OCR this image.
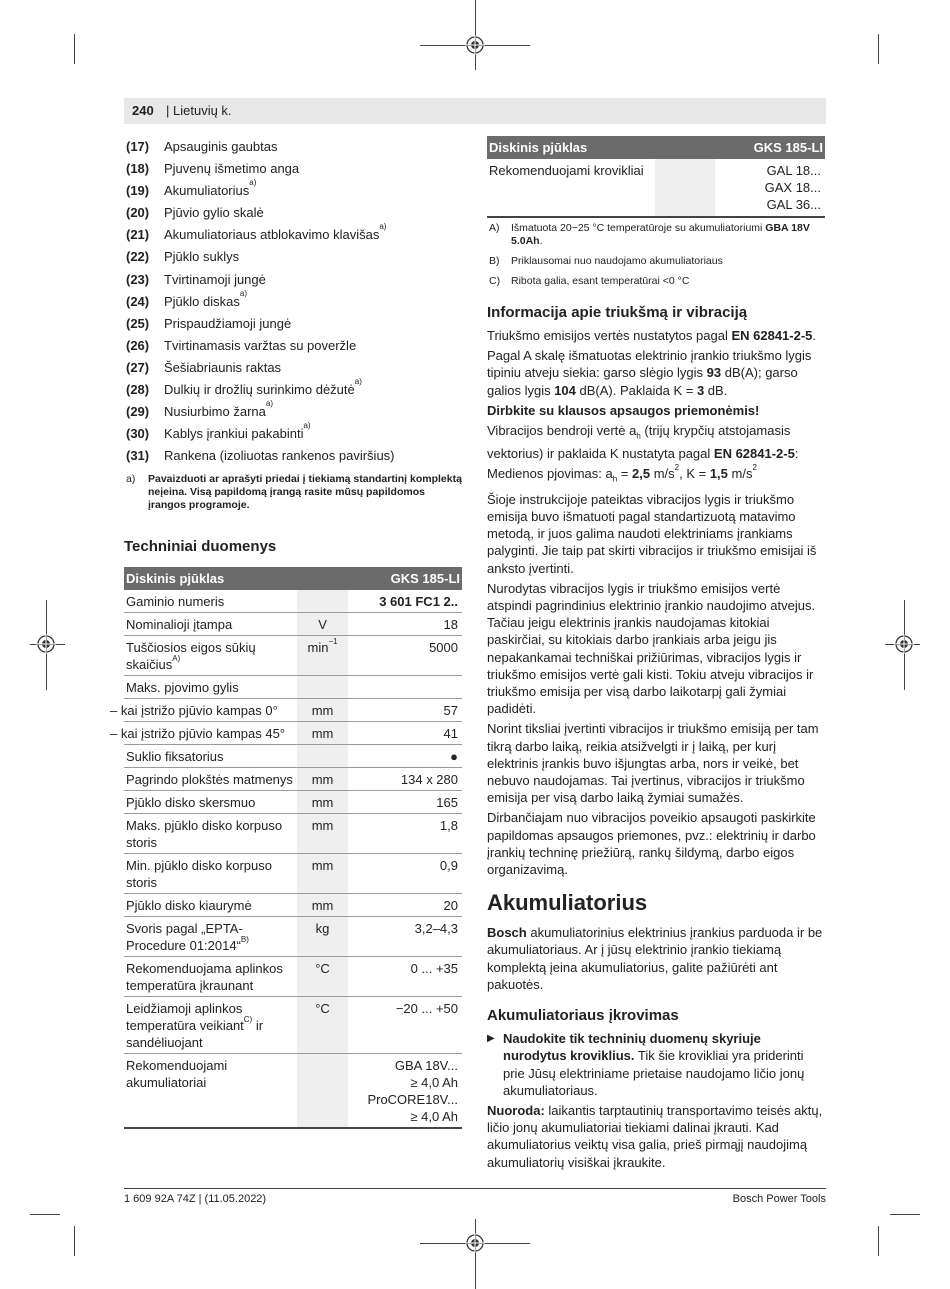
240 | Lietuvių k.
(17) Apsauginis gaubtas
(18) Pjuvenų išmetimo anga
(19) Akumuliatorius$^{a)}$
(20) Pjūvio gylio skalė
(21) Akumuliatoriaus atblokavimo klavišas$^{a)}$
(22) Pjūklo suklys
(23) Tvirtinamoji jungė
(24) Pjūklo diskas$^{a)}$
(25) Prispaudžiamoji jungė
(26) Tvirtinamasis varžtas su poveržle
(27) Šešiabriaunis raktas
(28) Dulkių ir drožlių surinkimo dėžutė$^{a)}$
(29) Nusiurbimo žarna$^{a)}$
(30) Kablys įrankiui pakabinti$^{a)}$
(31) Rankena (izoliuotas rankenos paviršius)
a) Pavaizduoti ar aprašyti priedai į tiekiamą standartinį komplektą neįeina. Visą papildomą įrangą rasite mūsų papildomos įrangos programoje.
Techniniai duomenys
Diskinis pjūklas		GKS 185-LI
Gaminio numeris		3 601 FC1 2..
Nominalioji įtampa	V	18
Tuščiosios eigos sūkių skaičius$^{A)}$	$\min^{-1}$	5000
Maks. pjovimo gylis		
– kai įstrižo pjūvio kampas 0°	mm	57
– kai įstrižo pjūvio kampas 45°	mm	41
Suklio fiksatorius		●
Pagrindo plokštės matmenys	mm	134 x 280
Pjūklo disko skersmuo	mm	165
Maks. pjūklo disko korpuso storis	mm	1,8
Min. pjūklo disko korpuso storis	mm	0,9
Pjūklo disko kiaurymė	mm	20
Svoris pagal „EPTA-Procedure 01:2014“$^{B)}$	kg	3,2–4,3
Rekomenduojama aplinkos temperatūra įkraunant	°C	0 ... +35
Leidžiamoji aplinkos temperatūra veikiant$^{C)}$ ir sandėliuojant	°C	−20 ... +50
Rekomenduojami akumuliatoriai		GBA 18V...
≥ 4,0 Ah
ProCORE18V...
≥ 4,0 Ah
Diskinis pjūklas		GKS 185-LI
Rekomenduojami krovikliai		GAL 18...
GAX 18...
GAL 36...
A) Išmatuota 20−25 °C temperatūroje su akumuliatoriumi GBA 18V 5.0Ah.
B) Priklausomai nuo naudojamo akumuliatoriaus
C) Ribota galia, esant temperatūrai <0 °C
Informacija apie triukšmą ir vibraciją

Triukšmo emisijos vertės nustatytos pagal EN 62841-2-5.

Pagal A skalę išmatuotas elektrinio įrankio triukšmo lygis tipiniu atveju siekia: garso slėgio lygis 93 dB(A); garso galios lygis 104 dB(A). Paklaida K = 3 dB.

Dirbkite su klausos apsaugos priemonėmis!

Vibracijos bendroji vertė $a_h$ (trijų krypčių atstojamasis vektorius) ir paklaida K nustatyta pagal EN 62841-2-5:

Medienos pjovimas: $a_h = 2,5$ $m/s^2$, K = 1,5 $m/s^2$

Šioje instrukcijoje pateiktas vibracijos lygis ir triukšmo emisija buvo išmatuoti pagal standartizuotą matavimo metodą, ir juos galima naudoti elektriniams įrankiams palyginti. Jie taip pat skirti vibracijos ir triukšmo emisijai iš anksto įvertinti.

Nurodytas vibracijos lygis ir triukšmo emisijos vertė atspindi pagrindinius elektrinio įrankio naudojimo atvejus. Tačiau jeigu elektrinis įrankis naudojamas kitokiai paskirčiai, su kitokiais darbo įrankiais arba jeigu jis nepakankamai techniškai prižiūrimas, vibracijos lygis ir triukšmo emisijos vertė gali kisti. Tokiu atveju vibracijos ir triukšmo emisija per visą darbo laikotarpį gali žymiai padidėti.

Norint tiksliai įvertinti vibracijos ir triukšmo emisiją per tam tikrą darbo laiką, reikia atsižvelgti ir į laiką, per kurį elektrinis įrankis buvo išjungtas arba, nors ir veikė, bet nebuvo naudojamas. Tai įvertinus, vibracijos ir triukšmo emisija per visą darbo laiką žymiai sumažės.

Dirbančiajam nuo vibracijos poveikio apsaugoti paskirkite papildomas apsaugos priemones, pvz.: elektrinių ir darbo įrankių techninę priežiūrą, rankų šildymą, darbo eigos organizavimą.

Akumuliatorius

Bosch akumuliatorinius elektrinius įrankius parduoda ir be akumuliatoriaus. Ar į jūsų elektrinio įrankio tiekiamą komplektą įeina akumuliatorius, galite pažiūrėti ant pakuotės.

Akumuliatoriaus įkrovimas
▶ Naudokite tik techninių duomenų skyriuje nurodytus kroviklius. Tik šie krovikliai yra priderinti prie Jūsų elektriniame prietaise naudojamo ličio jonų akumuliatoriaus.

Nuoroda: laikantis tarptautinių transportavimo teisės aktų, ličio jonų akumuliatoriai tiekiami dalinai įkrauti. Kad akumuliatorius veiktų visa galia, prieš pirmąjį naudojimą akumuliatorių visiškai įkraukite.

1 609 92A 74Z | (11.05.2022)	Bosch Power Tools
